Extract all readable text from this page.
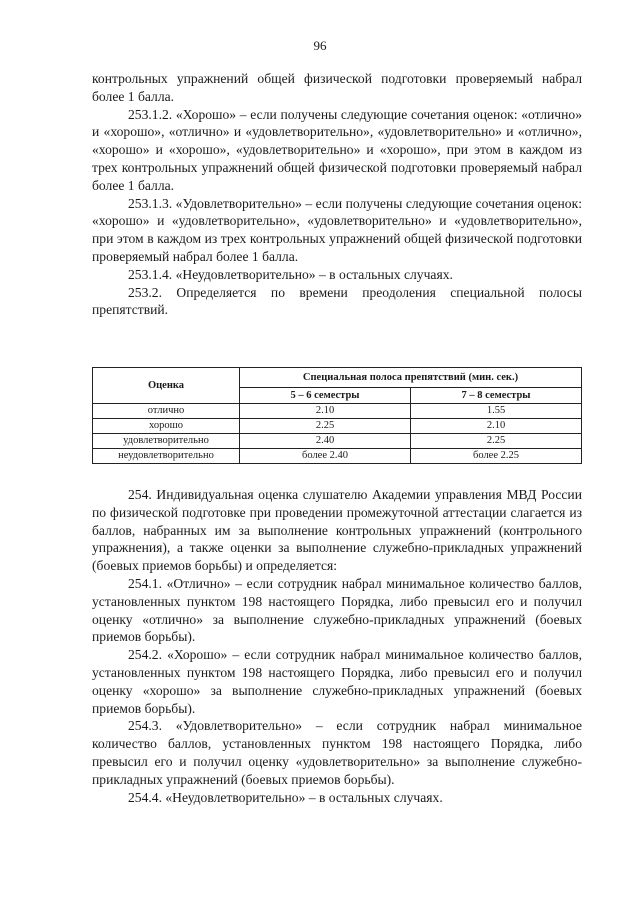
96

контрольных упражнений общей физической подготовки проверяемый набрал более 1 балла.

253.1.2. «Хорошо» – если получены следующие сочетания оценок: «отлично» и «хорошо», «отлично» и «удовлетворительно», «удовлетворительно» и «отлично», «хорошо» и «хорошо», «удовлетворительно» и «хорошо», при этом в каждом из трех контрольных упражнений общей физической подготовки проверяемый набрал более 1 балла.

253.1.3. «Удовлетворительно» – если получены следующие сочетания оценок: «хорошо» и «удовлетворительно», «удовлетворительно» и «удовлетворительно», при этом в каждом из трех контрольных упражнений общей физической подготовки проверяемый набрал более 1 балла.

253.1.4. «Неудовлетворительно» – в остальных случаях.

253.2. Определяется по времени преодоления специальной полосы препятствий.

Оценка	Специальная полоса препятствий (мин. сек.)	
	5 – 6 семестры	7 – 8 семестры
отлично	2.10	1.55
хорошо	2.25	2.10
удовлетворительно	2.40	2.25
неудовлетворительно	более 2.40	более 2.25

254. Индивидуальная оценка слушателю Академии управления МВД России по физической подготовке при проведении промежуточной аттестации слагается из баллов, набранных им за выполнение контрольных упражнений (контрольного упражнения), а также оценки за выполнение служебно-прикладных упражнений (боевых приемов борьбы) и определяется:

254.1. «Отлично» – если сотрудник набрал минимальное количество баллов, установленных пунктом 198 настоящего Порядка, либо превысил его и получил оценку «отлично» за выполнение служебно-прикладных упражнений (боевых приемов борьбы).

254.2. «Хорошо» – если сотрудник набрал минимальное количество баллов, установленных пунктом 198 настоящего Порядка, либо превысил его и получил оценку «хорошо» за выполнение служебно-прикладных упражнений (боевых приемов борьбы).

254.3. «Удовлетворительно» – если сотрудник набрал минимальное количество баллов, установленных пунктом 198 настоящего Порядка, либо превысил его и получил оценку «удовлетворительно» за выполнение служебно-прикладных упражнений (боевых приемов борьбы).

254.4. «Неудовлетворительно» – в остальных случаях.
